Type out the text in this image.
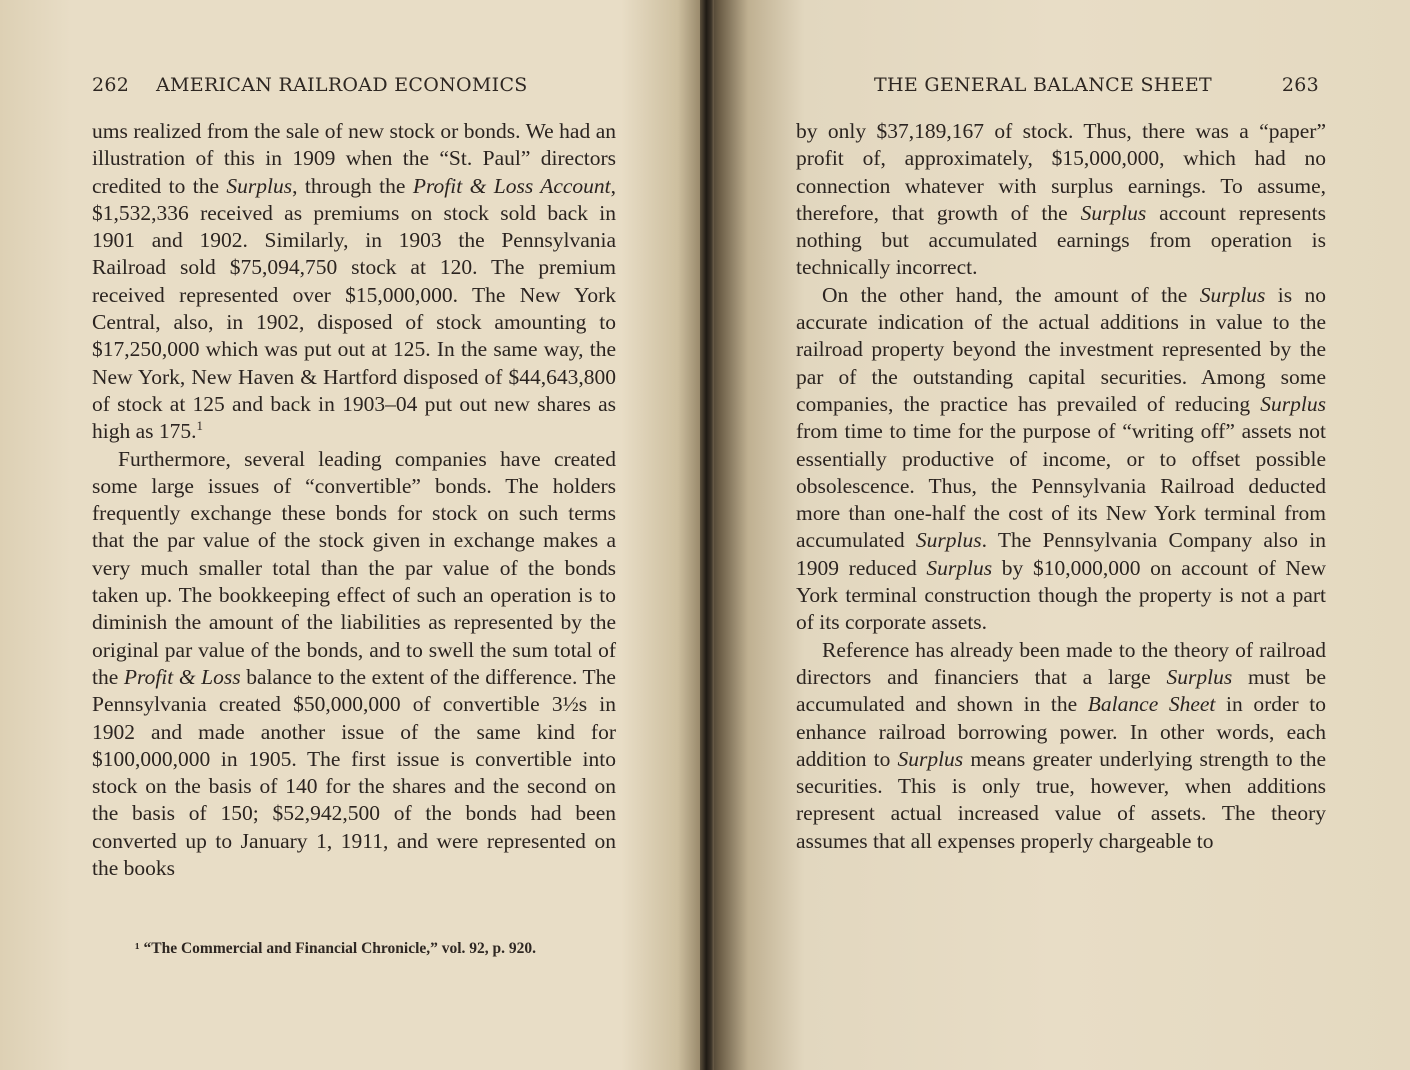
262 AMERICAN RAILROAD ECONOMICS

ums realized from the sale of new stock or bonds. We had an illustration of this in 1909 when the “St. Paul” directors credited to the Surplus, through the Profit & Loss Account, $1,532,336 received as premiums on stock sold back in 1901 and 1902. Similarly, in 1903 the Pennsylvania Railroad sold $75,094,750 stock at 120. The premium received represented over $15,000,000. The New York Central, also, in 1902, disposed of stock amounting to $17,250,000 which was put out at 125. In the same way, the New York, New Haven & Hartford disposed of $44,643,800 of stock at 125 and back in 1903–04 put out new shares as high as 175.$^1$

Furthermore, several leading companies have created some large issues of “convertible” bonds. The holders frequently exchange these bonds for stock on such terms that the par value of the stock given in exchange makes a very much smaller total than the par value of the bonds taken up. The bookkeeping effect of such an operation is to diminish the amount of the liabilities as represented by the original par value of the bonds, and to swell the sum total of the Profit & Loss balance to the extent of the difference. The Pennsylvania created $50,000,000 of convertible 3½s in 1902 and made another issue of the same kind for $100,000,000 in 1905. The first issue is convertible into stock on the basis of 140 for the shares and the second on the basis of 150; $52,942,500 of the bonds had been converted up to January 1, 1911, and were represented on the books

¹ “The Commercial and Financial Chronicle,” vol. 92, p. 920.
THE GENERAL BALANCE SHEET	263

by only $37,189,167 of stock. Thus, there was a “paper” profit of, approximately, $15,000,000, which had no connection whatever with surplus earnings. To assume, therefore, that growth of the Surplus account represents nothing but accumulated earnings from operation is technically incorrect.

On the other hand, the amount of the Surplus is no accurate indication of the actual additions in value to the railroad property beyond the investment represented by the par of the outstanding capital securities. Among some companies, the practice has prevailed of reducing Surplus from time to time for the purpose of “writing off” assets not essentially productive of income, or to offset possible obsolescence. Thus, the Pennsylvania Railroad deducted more than one-half the cost of its New York terminal from accumulated Surplus. The Pennsylvania Company also in 1909 reduced Surplus by $10,000,000 on account of New York terminal construction though the property is not a part of its corporate assets.

Reference has already been made to the theory of railroad directors and financiers that a large Surplus must be accumulated and shown in the Balance Sheet in order to enhance railroad borrowing power. In other words, each addition to Surplus means greater underlying strength to the securities. This is only true, however, when additions represent actual increased value of assets. The theory assumes that all expenses properly chargeable to
